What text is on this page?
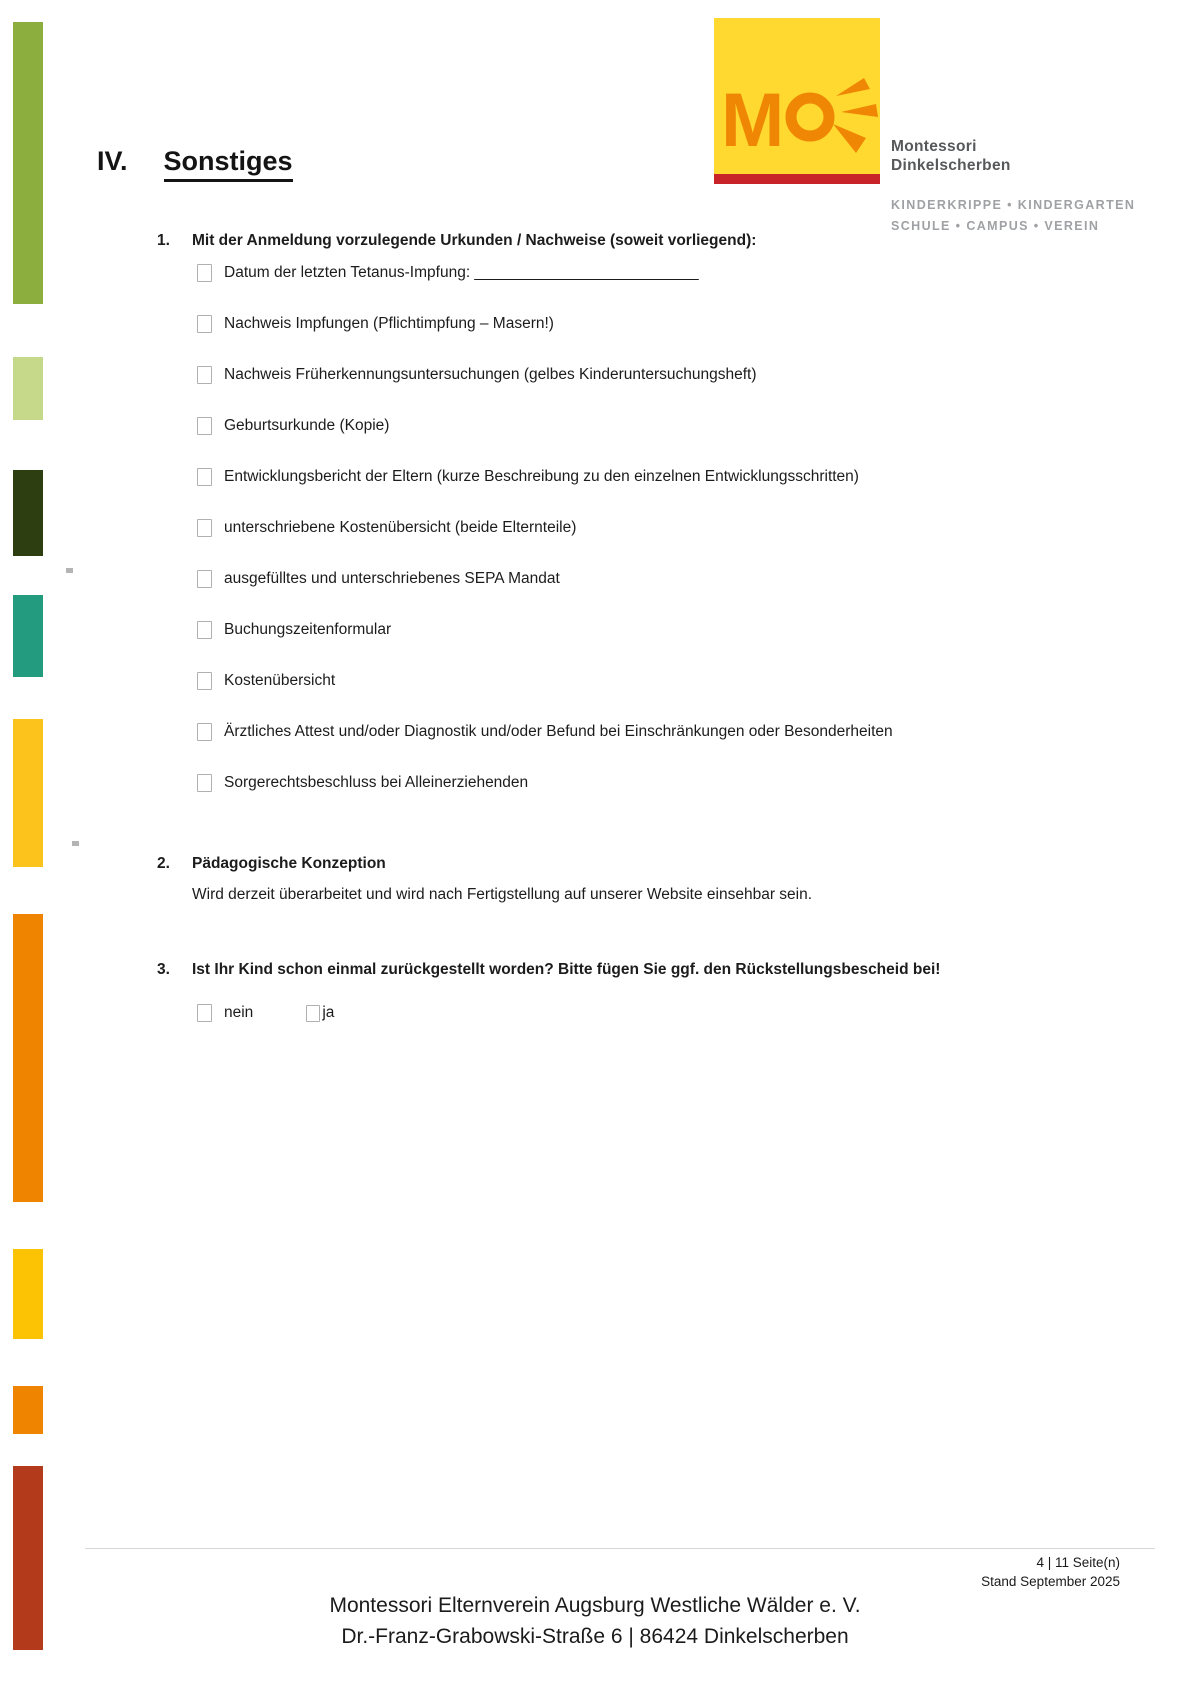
M	Montessori
Dinkelscherben
KINDERKRIPPE • KINDERGARTEN
SCHULE • CAMPUS • VEREIN
IV. Sonstiges
1. Mit der Anmeldung vorzulegende Urkunden / Nachweise (soweit vorliegend):
Datum der letzten Tetanus-Impfung: __________________________
Nachweis Impfungen (Pflichtimpfung – Masern!)
Nachweis Früherkennungsuntersuchungen (gelbes Kinderuntersuchungsheft)
Geburtsurkunde (Kopie)
Entwicklungsbericht der Eltern (kurze Beschreibung zu den einzelnen Entwicklungsschritten)
unterschriebene Kostenübersicht (beide Elternteile)
ausgefülltes und unterschriebenes SEPA Mandat
Buchungszeitenformular
Kostenübersicht
Ärztliches Attest und/oder Diagnostik und/oder Befund bei Einschränkungen oder Besonderheiten
Sorgerechtsbeschluss bei Alleinerziehenden
2. Pädagogische Konzeption
Wird derzeit überarbeitet und wird nach Fertigstellung auf unserer Website einsehbar sein.
3. Ist Ihr Kind schon einmal zurückgestellt worden? Bitte fügen Sie ggf. den Rückstellungsbescheid bei!
nein	ja
4 | 11 Seite(n)
Stand September 2025
Montessori Elternverein Augsburg Westliche Wälder e. V.
Dr.-Franz-Grabowski-Straße 6 | 86424 Dinkelscherben
